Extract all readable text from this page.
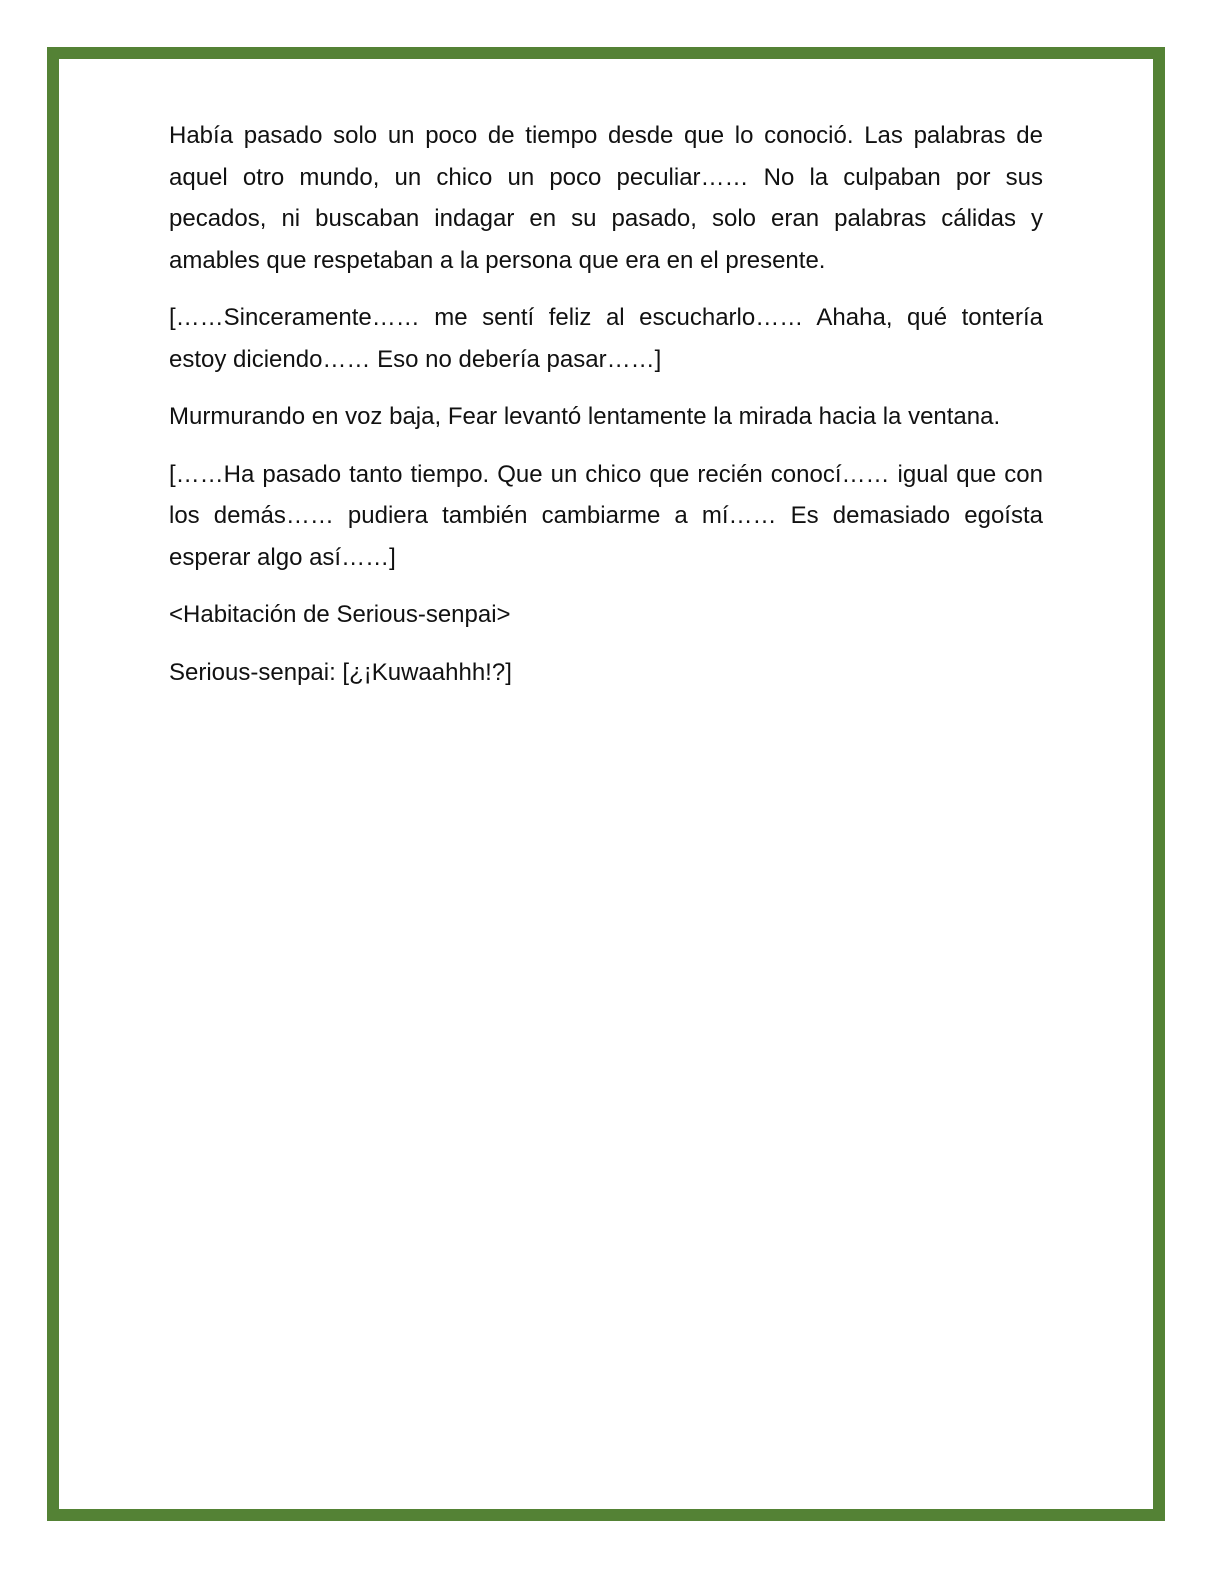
Había pasado solo un poco de tiempo desde que lo conoció. Las palabras de aquel otro mundo, un chico un poco peculiar…… No la culpaban por sus pecados, ni buscaban indagar en su pasado, solo eran palabras cálidas y amables que respetaban a la persona que era en el presente.

[……Sinceramente…… me sentí feliz al escucharlo…… Ahaha, qué tontería estoy diciendo…… Eso no debería pasar……]

Murmurando en voz baja, Fear levantó lentamente la mirada hacia la ventana.

[……Ha pasado tanto tiempo. Que un chico que recién conocí…… igual que con los demás…… pudiera también cambiarme a mí…… Es demasiado egoísta esperar algo así……]

<Habitación de Serious-senpai>

Serious-senpai: [¿¡Kuwaahhh!?]
